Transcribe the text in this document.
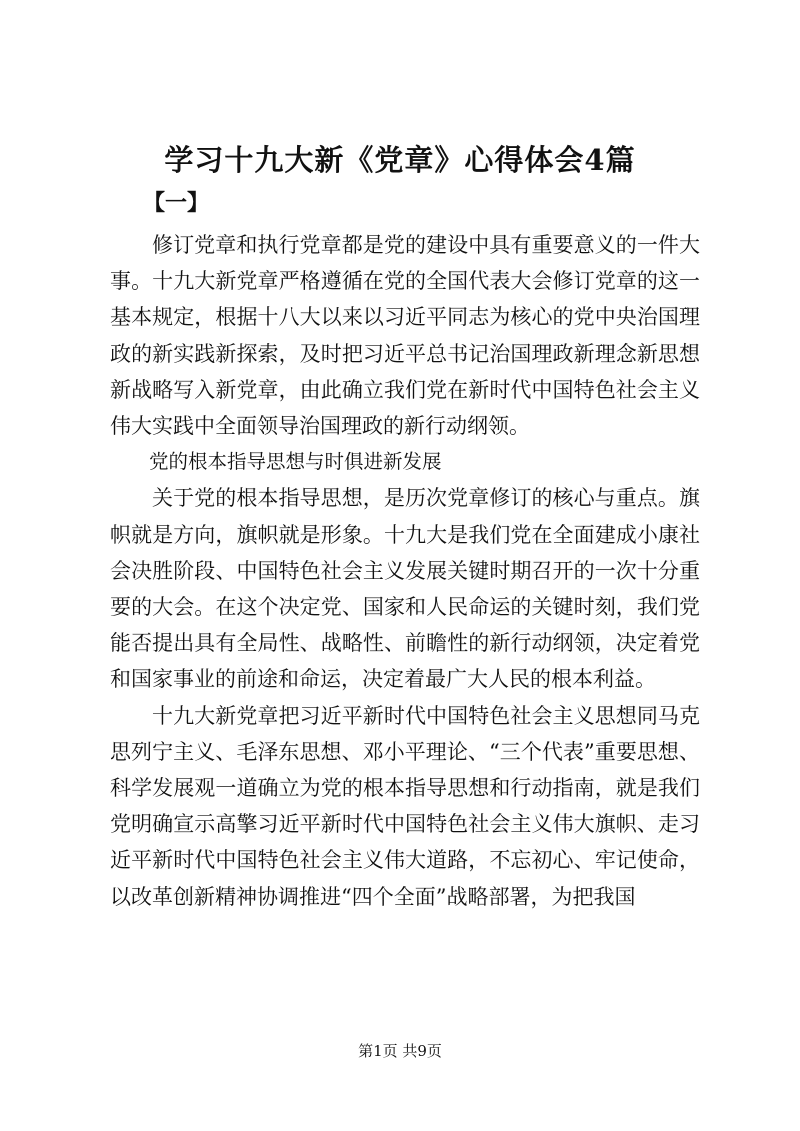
学习十九大新《党章》心得体会4篇
【一】

修订党章和执行党章都是党的建设中具有重要意义的一件大事。十九大新党章严格遵循在党的全国代表大会修订党章的这一基本规定，根据十八大以来以习近平同志为核心的党中央治国理政的新实践新探索，及时把习近平总书记治国理政新理念新思想新战略写入新党章，由此确立我们党在新时代中国特色社会主义伟大实践中全面领导治国理政的新行动纲领。

党的根本指导思想与时俱进新发展

关于党的根本指导思想，是历次党章修订的核心与重点。旗帜就是方向，旗帜就是形象。十九大是我们党在全面建成小康社会决胜阶段、中国特色社会主义发展关键时期召开的一次十分重要的大会。在这个决定党、国家和人民命运的关键时刻，我们党能否提出具有全局性、战略性、前瞻性的新行动纲领，决定着党和国家事业的前途和命运，决定着最广大人民的根本利益。

十九大新党章把习近平新时代中国特色社会主义思想同马克思列宁主义、毛泽东思想、邓小平理论、“三个代表”重要思想、科学发展观一道确立为党的根本指导思想和行动指南，就是我们党明确宣示高擎习近平新时代中国特色社会主义伟大旗帜、走习近平新时代中国特色社会主义伟大道路，不忘初心、牢记使命，以改革创新精神协调推进“四个全面”战略部署，为把我国

第1页 共9页
